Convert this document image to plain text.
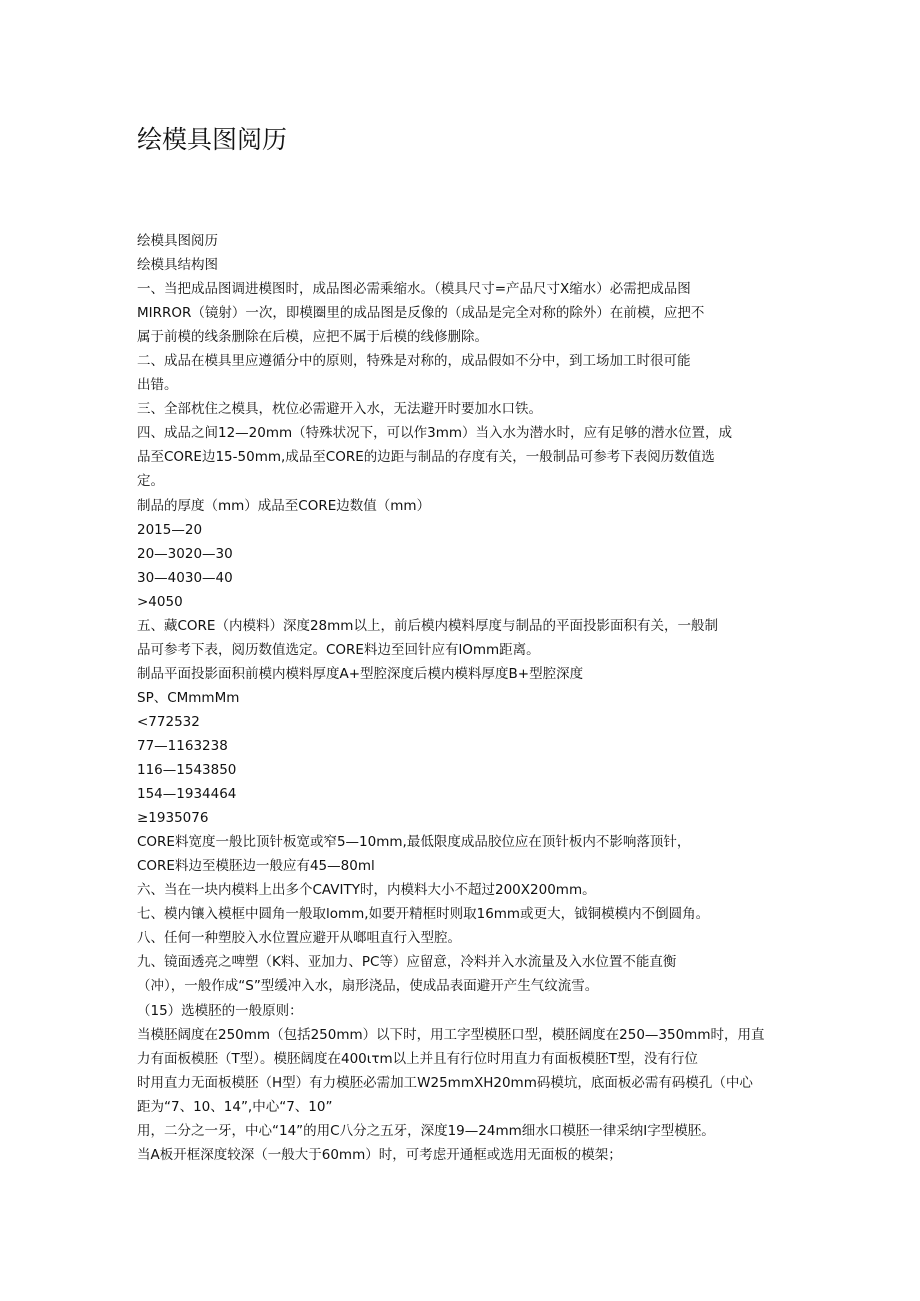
绘模具图阅历
绘模具图阅历
绘模具结构图
一、当把成品图调进模图时，成品图必需乘缩水。（模具尺寸=产品尺寸X缩水）必需把成品图
MIRROR（镜射）一次，即模圈里的成品图是反像的（成品是完全对称的除外）在前模，应把不
属于前模的线条删除在后模，应把不属于后模的线修删除。
二、成品在模具里应遵循分中的原则，特殊是对称的，成品假如不分中，到工场加工时很可能
出错。
三、全部枕住之模具，枕位必需避开入水，无法避开时要加水口铁。
四、成品之间12—20mm（特殊状况下，可以作3mm）当入水为潜水时，应有足够的潜水位置，成
品至CORE边15-50mm,成品至CORE的边距与制品的存度有关，一般制品可参考下表阅历数值选
定。
制品的厚度（mm）成品至CORE边数值（mm）
2015—20
20—3020—30
30—4030—40
>4050
五、藏CORE（内模料）深度28mm以上，前后模内模料厚度与制品的平面投影面积有关，一般制
品可参考下表，阅历数值选定。CORE料边至回针应有lOmm距离。
制品平面投影面积前模内模料厚度A+型腔深度后模内模料厚度B+型腔深度
SP、CMmmMm
<772532
77—1163238
116—1543850
154—1934464
≥1935076
CORE料宽度一般比顶针板宽或窄5—10mm,最低限度成品胶位应在顶针板内不影响落顶针，
CORE料边至模胚边一般应有45—80ml
六、当在一块内模料上出多个CAVITY时，内模料大小不超过200X200mm。
七、模内镶入模框中圆角一般取lomm,如要开精框时则取16mm或更大，钺铜模模内不倒圆角。
八、任何一种塑胶入水位置应避开从啷咀直行入型腔。
九、镜面透亮之啤塑（K料、亚加力、PC等）应留意，冷料并入水流量及入水位置不能直衡
（冲），一般作成“S”型缓冲入水，扇形浇品，使成品表面避开产生气纹流雪。
（15）选模胚的一般原则：
当模胚阔度在250mm（包括250mm）以下时，用工字型模胚口型，模胚阔度在250—350mm时，用直
力有面板模胚（T型）。模胚阔度在400ιτm以上并且有行位时用直力有面板模胚T型，没有行位
时用直力无面板模胚（H型）有力模胚必需加工W25mmXH20mm码模坑，底面板必需有码模孔（中心
距为“7、10、14”,中心“7、10”
用，二分之一牙，中心“14”的用C八分之五牙，深度19—24mm细水口模胚一律采纳I字型模胚。
当A板开框深度较深（一般大于60mm）时，可考虑开通框或选用无面板的模架；
